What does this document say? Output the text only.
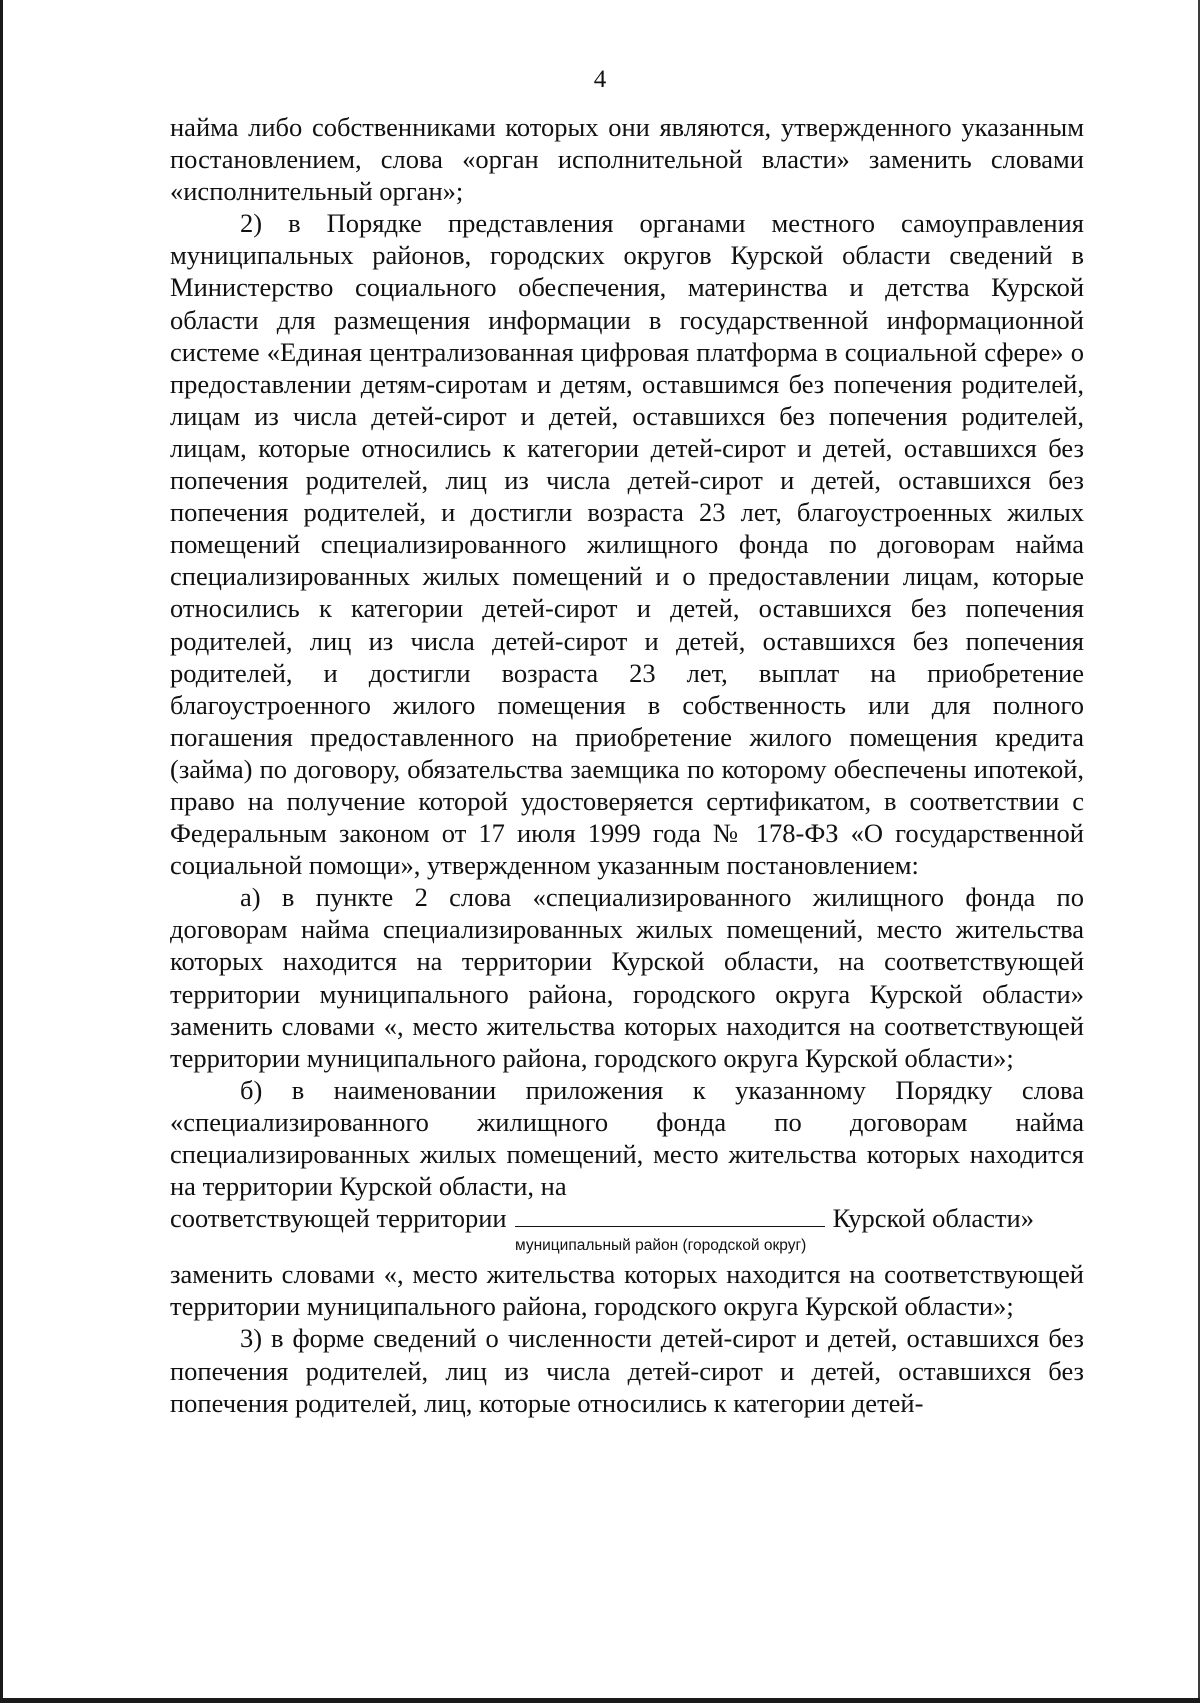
4

найма либо собственниками которых они являются, утвержденного указанным постановлением, слова «орган исполнительной власти» заменить словами «исполнительный орган»;

2) в Порядке представления органами местного самоуправления муниципальных районов, городских округов Курской области сведений в Министерство социального обеспечения, материнства и детства Курской области для размещения информации в государственной информационной системе «Единая централизованная цифровая платформа в социальной сфере» о предоставлении детям-сиротам и детям, оставшимся без попечения родителей, лицам из числа детей-сирот и детей, оставшихся без попечения родителей, лицам, которые относились к категории детей-сирот и детей, оставшихся без попечения родителей, лиц из числа детей-сирот и детей, оставшихся без попечения родителей, и достигли возраста 23 лет, благоустроенных жилых помещений специализированного жилищного фонда по договорам найма специализированных жилых помещений и о предоставлении лицам, которые относились к категории детей-сирот и детей, оставшихся без попечения родителей, лиц из числа детей-сирот и детей, оставшихся без попечения родителей, и достигли возраста 23 лет, выплат на приобретение благоустроенного жилого помещения в собственность или для полного погашения предоставленного на приобретение жилого помещения кредита (займа) по договору, обязательства заемщика по которому обеспечены ипотекой, право на получение которой удостоверяется сертификатом, в соответствии с Федеральным законом от 17 июля 1999 года № 178-ФЗ «О государственной социальной помощи», утвержденном указанным постановлением:

а) в пункте 2 слова «специализированного жилищного фонда по договорам найма специализированных жилых помещений, место жительства которых находится на территории Курской области, на соответствующей территории муниципального района, городского округа Курской области» заменить словами «, место жительства которых находится на соответствующей территории муниципального района, городского округа Курской области»;

б) в наименовании приложения к указанному Порядку слова «специализированного жилищного фонда по договорам найма специализированных жилых помещений, место жительства которых находится на территории Курской области, на

соответствующей территории	Курской области»
муниципальный район (городской округ)

заменить словами «, место жительства которых находится на соответствующей территории муниципального района, городского округа Курской области»;

3) в форме сведений о численности детей-сирот и детей, оставшихся без попечения родителей, лиц из числа детей-сирот и детей, оставшихся без попечения родителей, лиц, которые относились к категории детей-
